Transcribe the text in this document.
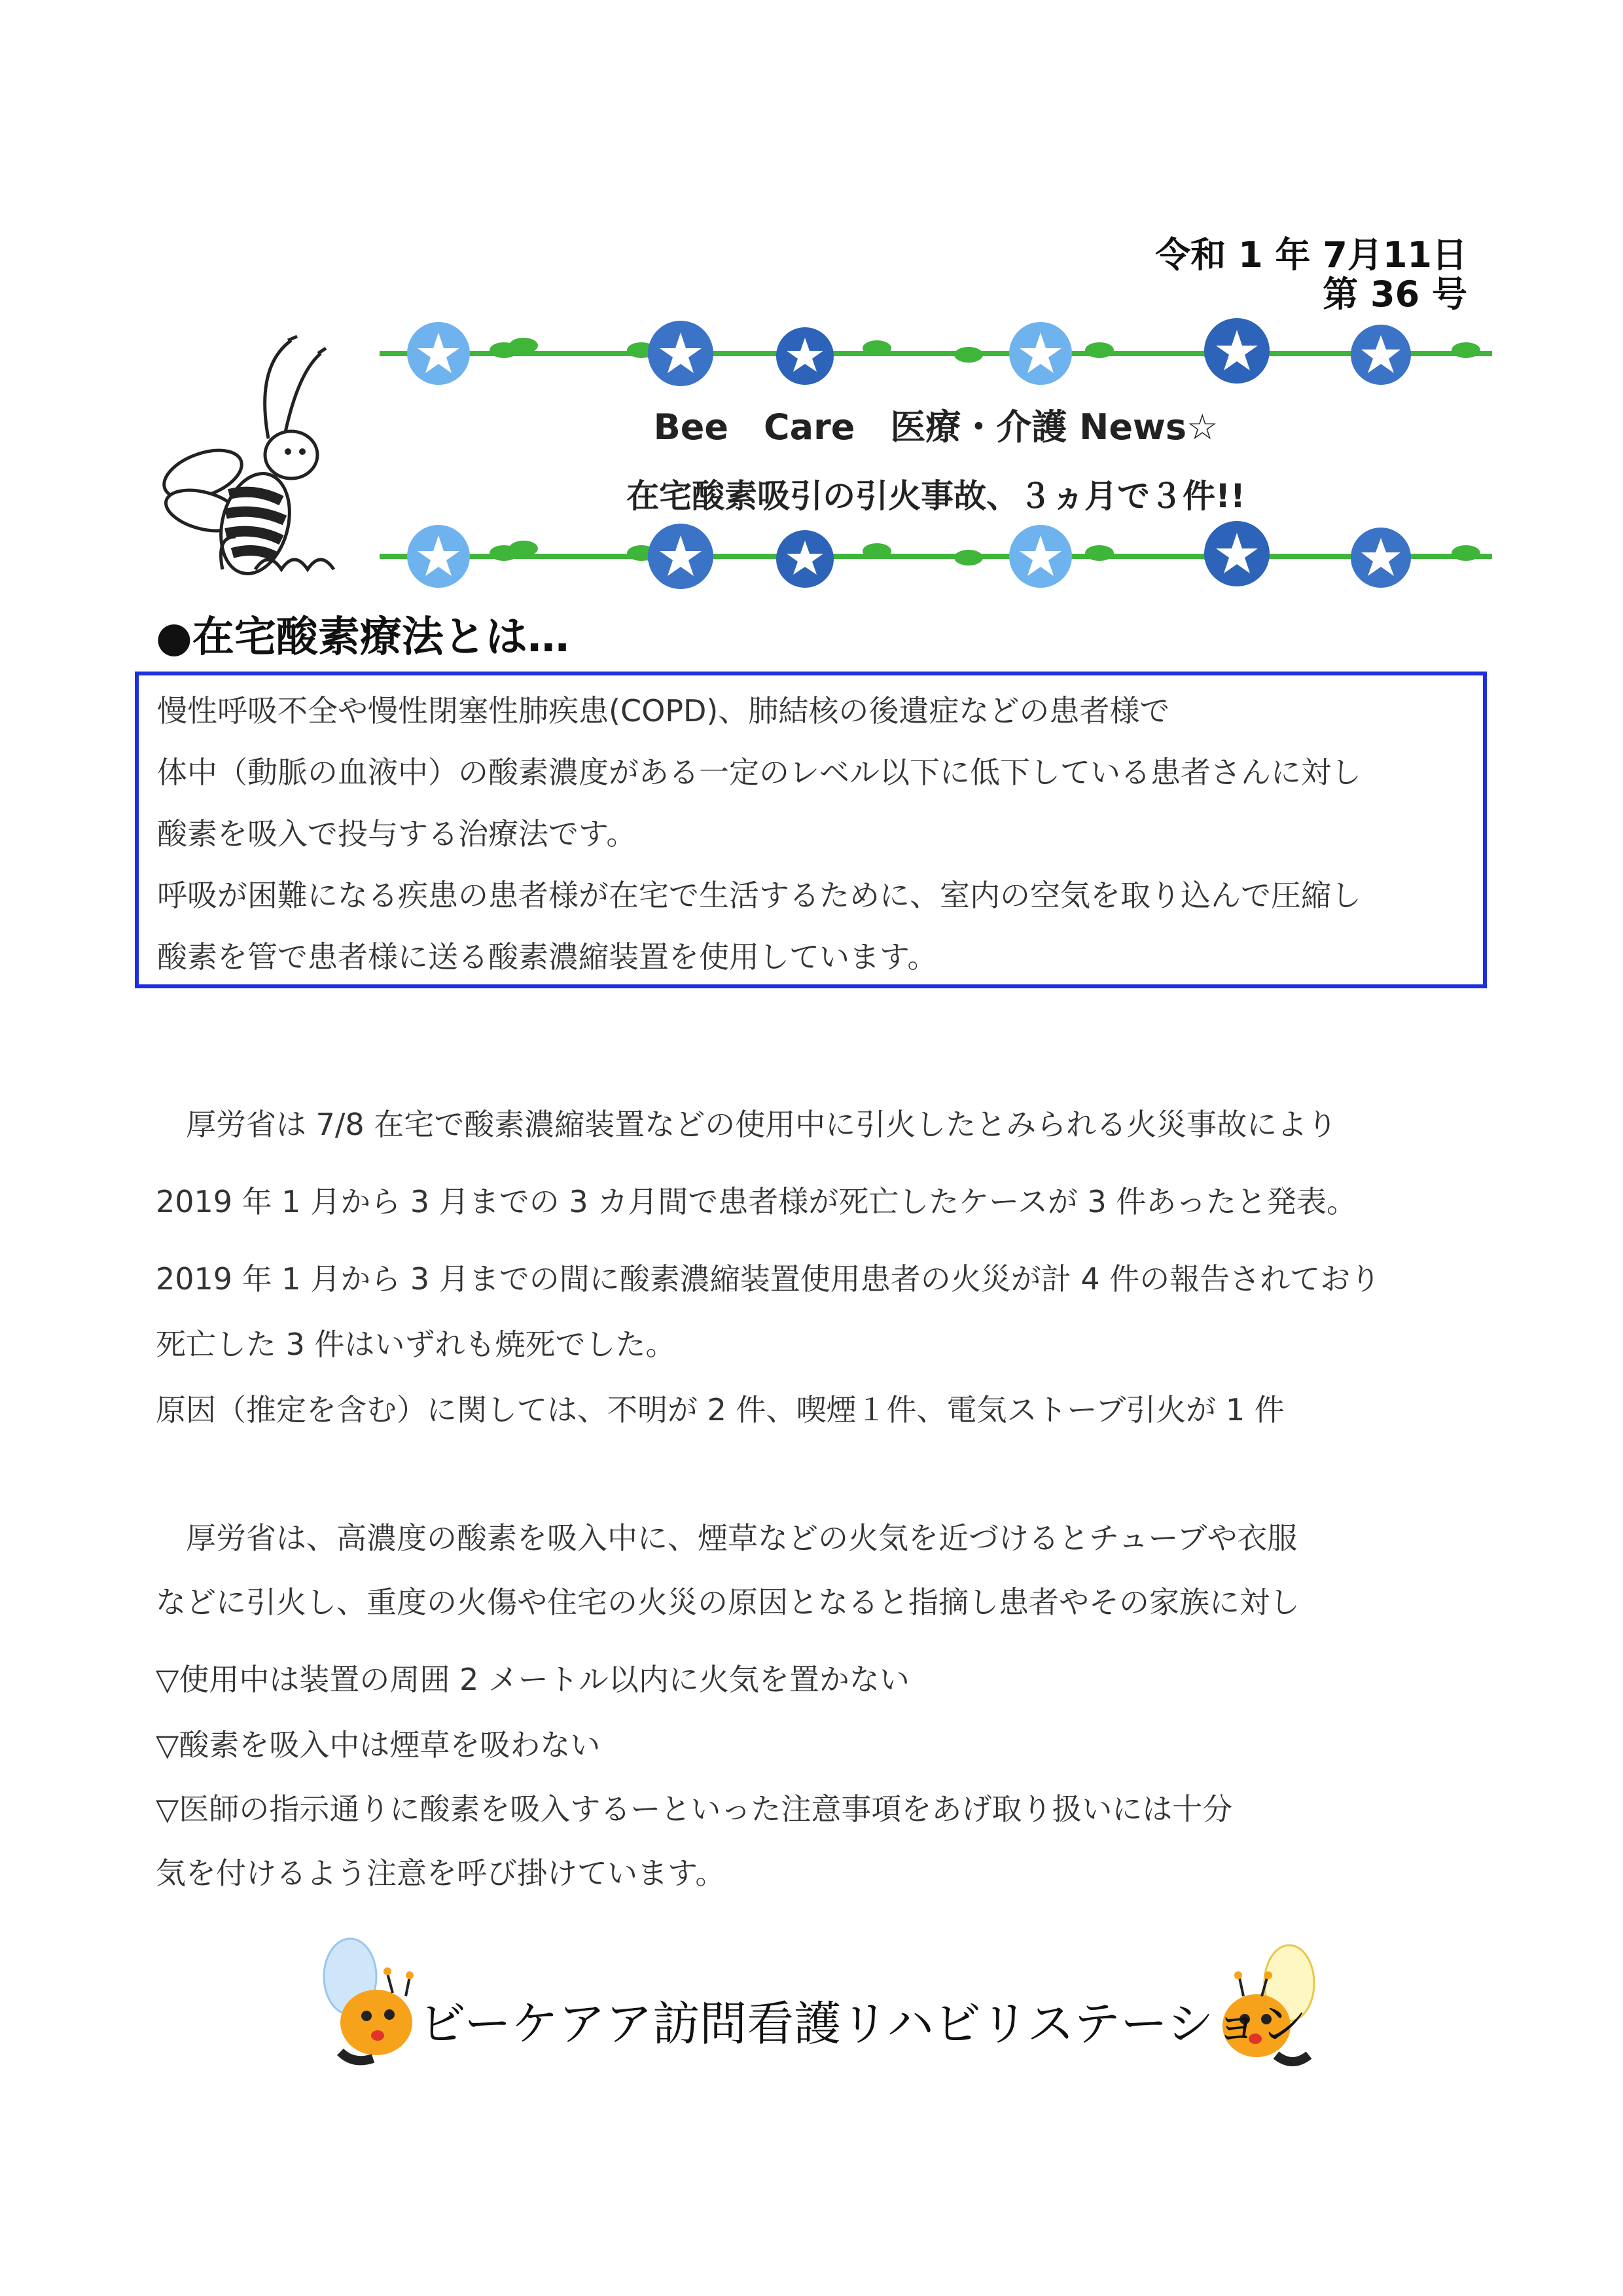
令和 1 年 7月11日
第 36 号
Bee　Care　医療・介護 News☆
在宅酸素吸引の引火事故、３ヵ月で３件!!
●在宅酸素療法とは…

慢性呼吸不全や慢性閉塞性肺疾患(COPD)、肺結核の後遺症などの患者様で

体中（動脈の血液中）の酸素濃度がある一定のレベル以下に低下している患者さんに対し

酸素を吸入で投与する治療法です。

呼吸が困難になる疾患の患者様が在宅で生活するために、室内の空気を取り込んで圧縮し

酸素を管で患者様に送る酸素濃縮装置を使用しています。

　厚労省は 7/8 在宅で酸素濃縮装置などの使用中に引火したとみられる火災事故により

2019 年 1 月から 3 月までの 3 カ月間で患者様が死亡したケースが 3 件あったと発表。

2019 年 1 月から 3 月までの間に酸素濃縮装置使用患者の火災が計 4 件の報告されており

死亡した 3 件はいずれも焼死でした。

原因（推定を含む）に関しては、不明が 2 件、喫煙１件、電気ストーブ引火が 1 件

　厚労省は、高濃度の酸素を吸入中に、煙草などの火気を近づけるとチューブや衣服

などに引火し、重度の火傷や住宅の火災の原因となると指摘し患者やその家族に対し

▽使用中は装置の周囲 2 メートル以内に火気を置かない

▽酸素を吸入中は煙草を吸わない

▽医師の指示通りに酸素を吸入するーといった注意事項をあげ取り扱いには十分

気を付けるよう注意を呼び掛けています。

ビーケアア訪問看護リハビリステーション
